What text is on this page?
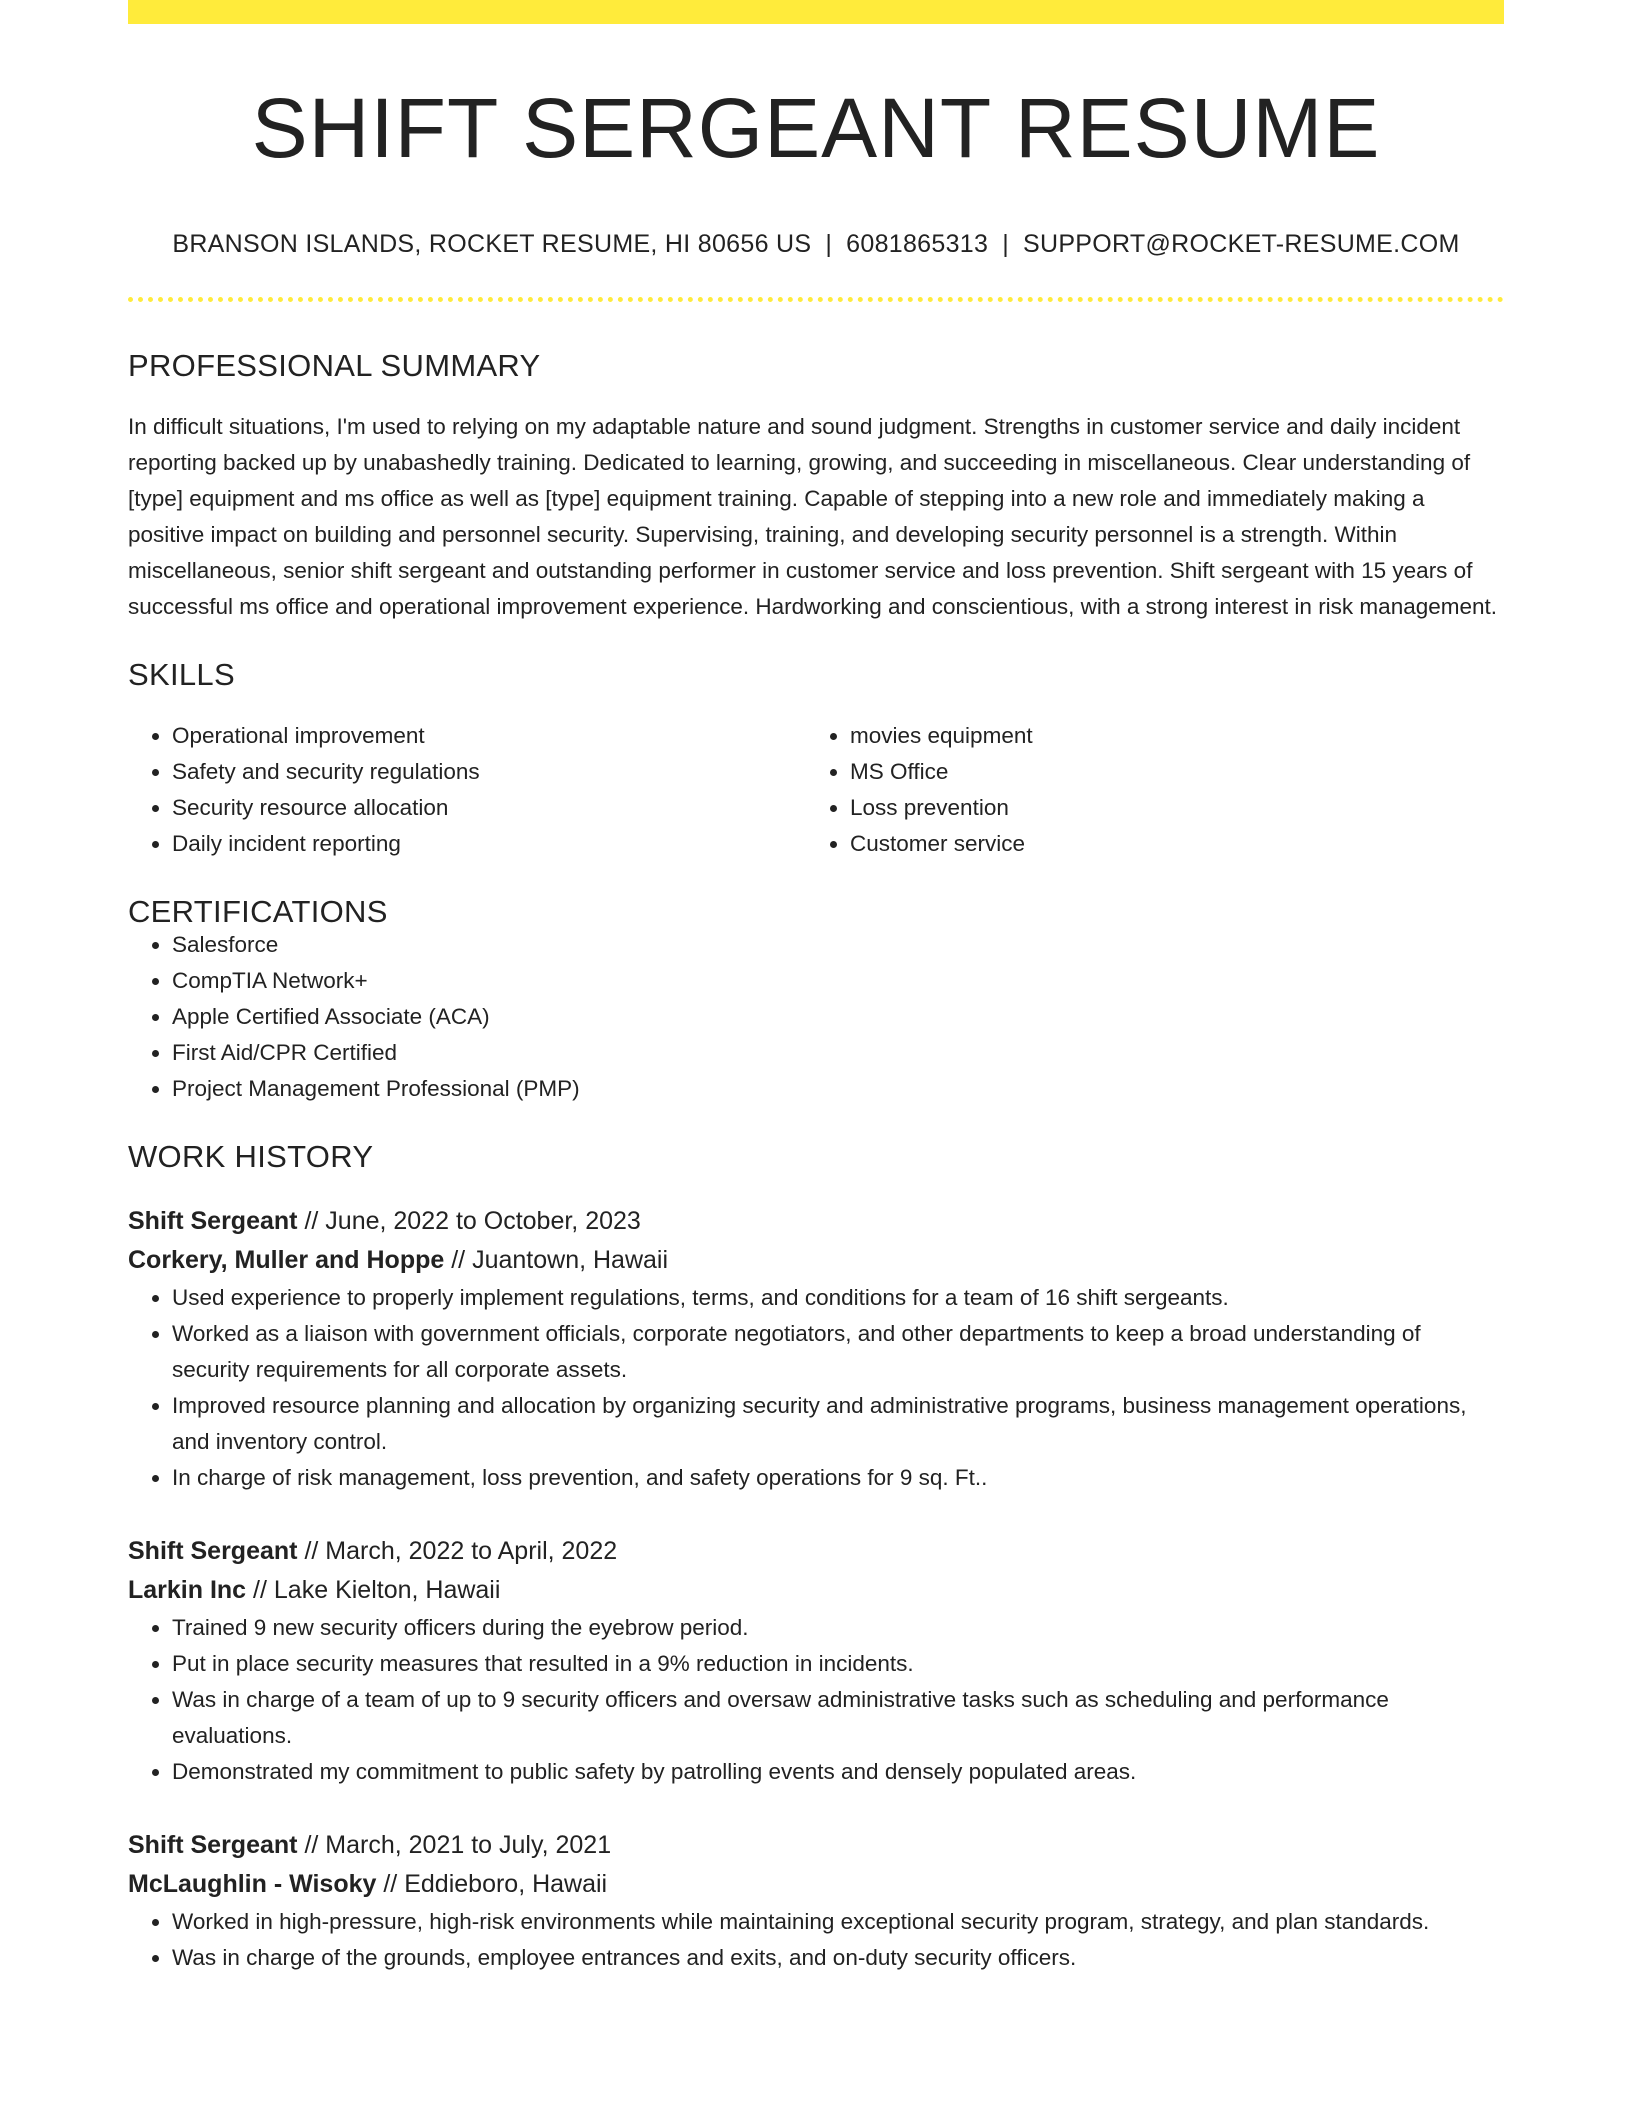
SHIFT SERGEANT RESUME
BRANSON ISLANDS, ROCKET RESUME, HI 80656 US | 6081865313 | SUPPORT@ROCKET-RESUME.COM
PROFESSIONAL SUMMARY

In difficult situations, I'm used to relying on my adaptable nature and sound judgment. Strengths in customer service and daily incident reporting backed up by unabashedly training. Dedicated to learning, growing, and succeeding in miscellaneous. Clear understanding of [type] equipment and ms office as well as [type] equipment training. Capable of stepping into a new role and immediately making a positive impact on building and personnel security. Supervising, training, and developing security personnel is a strength. Within miscellaneous, senior shift sergeant and outstanding performer in customer service and loss prevention. Shift sergeant with 15 years of successful ms office and operational improvement experience. Hardworking and conscientious, with a strong interest in risk management.

SKILLS
• Operational improvement
• Safety and security regulations
• Security resource allocation
• Daily incident reporting
• movies equipment
• MS Office
• Loss prevention
• Customer service
CERTIFICATIONS
• Salesforce
• CompTIA Network+
• Apple Certified Associate (ACA)
• First Aid/CPR Certified
• Project Management Professional (PMP)
WORK HISTORY
Shift Sergeant // June, 2022 to October, 2023
Corkery, Muller and Hoppe // Juantown, Hawaii
• Used experience to properly implement regulations, terms, and conditions for a team of 16 shift sergeants.
• Worked as a liaison with government officials, corporate negotiators, and other departments to keep a broad understanding of security requirements for all corporate assets.
• Improved resource planning and allocation by organizing security and administrative programs, business management operations, and inventory control.
• In charge of risk management, loss prevention, and safety operations for 9 sq. Ft..
Shift Sergeant // March, 2022 to April, 2022
Larkin Inc // Lake Kielton, Hawaii
• Trained 9 new security officers during the eyebrow period.
• Put in place security measures that resulted in a 9% reduction in incidents.
• Was in charge of a team of up to 9 security officers and oversaw administrative tasks such as scheduling and performance evaluations.
• Demonstrated my commitment to public safety by patrolling events and densely populated areas.
Shift Sergeant // March, 2021 to July, 2021
McLaughlin - Wisoky // Eddieboro, Hawaii
• Worked in high-pressure, high-risk environments while maintaining exceptional security program, strategy, and plan standards.
• Was in charge of the grounds, employee entrances and exits, and on-duty security officers.
